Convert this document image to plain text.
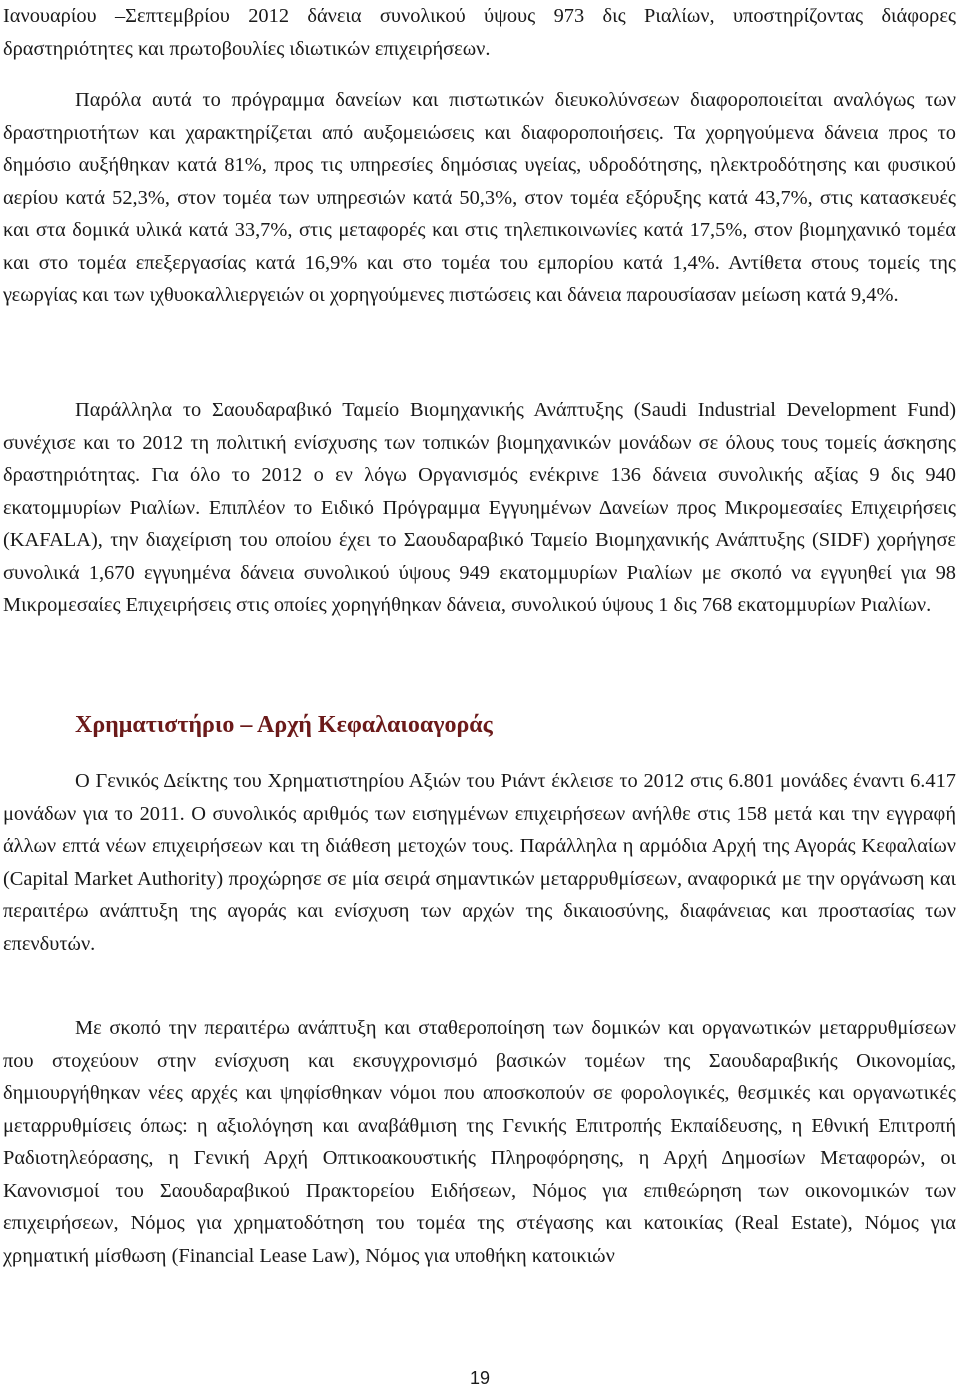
Ιανουαρίου –Σεπτεμβρίου 2012 δάνεια συνολικού ύψους 973 δις Ριαλίων, υποστηρίζοντας διάφορες δραστηριότητες και πρωτοβουλίες ιδιωτικών επιχειρήσεων.

Παρόλα αυτά το πρόγραμμα δανείων και πιστωτικών διευκολύνσεων διαφοροποιείται αναλόγως των δραστηριοτήτων και χαρακτηρίζεται από αυξομειώσεις και διαφοροποιήσεις. Τα χορηγούμενα δάνεια προς το δημόσιο αυξήθηκαν κατά 81%, προς τις υπηρεσίες δημόσιας υγείας, υδροδότησης, ηλεκτροδότησης και φυσικού αερίου κατά 52,3%, στον τομέα των υπηρεσιών κατά 50,3%, στον τομέα εξόρυξης κατά 43,7%, στις κατασκευές και στα δομικά υλικά κατά 33,7%, στις μεταφορές και στις τηλεπικοινωνίες κατά 17,5%, στον βιομηχανικό τομέα και στο τομέα επεξεργασίας κατά 16,9% και στο τομέα του εμπορίου κατά 1,4%. Αντίθετα στους τομείς της γεωργίας και των ιχθυοκαλλιεργειών οι χορηγούμενες πιστώσεις και δάνεια παρουσίασαν μείωση κατά 9,4%.

Παράλληλα το Σαουδαραβικό Ταμείο Βιομηχανικής Ανάπτυξης (Saudi Industrial Development Fund) συνέχισε και το 2012 τη πολιτική ενίσχυσης των τοπικών βιομηχανικών μονάδων σε όλους τους τομείς άσκησης δραστηριότητας. Για όλο το 2012 ο εν λόγω Οργανισμός ενέκρινε 136 δάνεια συνολικής αξίας 9 δις 940 εκατομμυρίων Ριαλίων. Επιπλέον το Ειδικό Πρόγραμμα Εγγυημένων Δανείων προς Μικρομεσαίες Επιχειρήσεις (KAFALA), την διαχείριση του οποίου έχει το Σαουδαραβικό Ταμείο Βιομηχανικής Ανάπτυξης (SIDF) χορήγησε συνολικά 1,670 εγγυημένα δάνεια συνολικού ύψους 949 εκατομμυρίων Ριαλίων με σκοπό να εγγυηθεί για 98 Μικρομεσαίες Επιχειρήσεις στις οποίες χορηγήθηκαν δάνεια, συνολικού ύψους 1 δις 768 εκατομμυρίων Ριαλίων.

Χρηματιστήριο – Αρχή Κεφαλαιοαγοράς

Ο Γενικός Δείκτης του Χρηματιστηρίου Αξιών του Ριάντ έκλεισε το 2012 στις 6.801 μονάδες έναντι 6.417 μονάδων για το 2011. Ο συνολικός αριθμός των εισηγμένων επιχειρήσεων ανήλθε στις 158 μετά και την εγγραφή άλλων επτά νέων επιχειρήσεων και τη διάθεση μετοχών τους. Παράλληλα η αρμόδια Αρχή της Αγοράς Κεφαλαίων (Capital Market Authority) προχώρησε σε μία σειρά σημαντικών μεταρρυθμίσεων, αναφορικά με την οργάνωση και περαιτέρω ανάπτυξη της αγοράς και ενίσχυση των αρχών της δικαιοσύνης, διαφάνειας και προστασίας των επενδυτών.

Με σκοπό την περαιτέρω ανάπτυξη και σταθεροποίηση των δομικών και οργανωτικών μεταρρυθμίσεων που στοχεύουν στην ενίσχυση και εκσυγχρονισμό βασικών τομέων της Σαουδαραβικής Οικονομίας, δημιουργήθηκαν νέες αρχές και ψηφίσθηκαν νόμοι που αποσκοπούν σε φορολογικές, θεσμικές και οργανωτικές μεταρρυθμίσεις όπως: η αξιολόγηση και αναβάθμιση της Γενικής Επιτροπής Εκπαίδευσης, η Εθνική Επιτροπή Ραδιοτηλεόρασης, η Γενική Αρχή Οπτικοακουστικής Πληροφόρησης, η Αρχή Δημοσίων Μεταφορών, οι Κανονισμοί του Σαουδαραβικού Πρακτορείου Ειδήσεων, Νόμος για επιθεώρηση των οικονομικών των επιχειρήσεων, Νόμος για χρηματοδότηση του τομέα της στέγασης και κατοικίας (Real Estate), Νόμος για χρηματική μίσθωση (Financial Lease Law), Νόμος για υποθήκη κατοικιών

19
